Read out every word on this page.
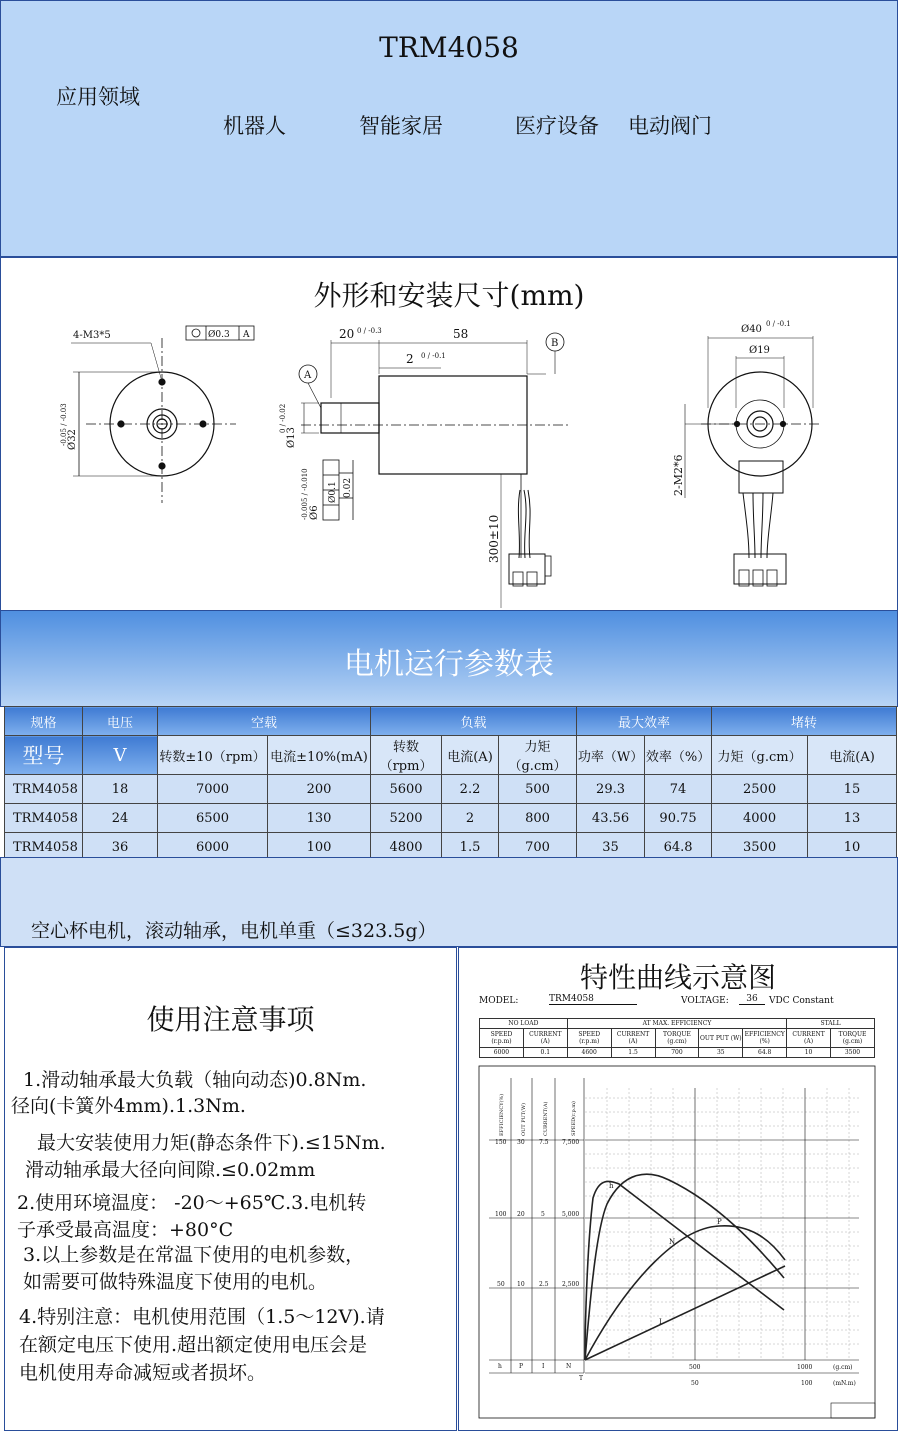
TRM4058
应用领域
机器人	智能家居	医疗设备 电动阀门
外形和安装尺寸(mm)
4-M3*5	Ø0.3 A
Ø32
-0.05 / -0.03
20 0 / -0.3	58
2 0 / -0.1
A
B
Ø13
0 / -0.02
Ø6
-0.005 / -0.010 Ø0.1 0.02
300±10
Ø40 0 / -0.1
Ø19
2-M2*6
电机运行参数表
规格	电压	空载		负载			最大效率		堵转	
型号	V	转数±10（rpm）	电流±10%(mA)	转数（rpm）	电流(A)	力矩（g.cm）	功率（W）	效率（%）	力矩（g.cm）	电流(A)
TRM4058	18	7000	200	5600	2.2	500	29.3	74	2500	15
TRM4058	24	6500	130	5200	2	800	43.56	90.75	4000	13
TRM4058	36	6000	100	4800	1.5	700	35	64.8	3500	10
空心杯电机，滚动轴承，电机单重（≤323.5g）
使用注意事项
1.滑动轴承最大负载（轴向动态)0.8Nm.
径向(卡簧外4mm).1.3Nm.
最大安装使用力矩(静态条件下).≤15Nm.
滑动轴承最大径向间隙.≤0.02mm
2.使用环境温度： -20～+65℃.3.电机转
子承受最高温度：+80°C
3.以上参数是在常温下使用的电机参数，
如需要可做特殊温度下使用的电机。
4.特别注意：电机使用范围（1.5～12V).请
在额定电压下使用.超出额定使用电压会是
电机使用寿命减短或者损坏。
特性曲线示意图
MODEL:	TRM4058	VOLTAGE:	36	VDC Constant
NO LOAD		AT MAX. EFFICIENCY					STALL	
SPEED (r.p.m)	CURRENT (A)	SPEED (r.p.m)	CURRENT (A)	TORQUE (g.cm)	OUT PUT (W)	EFFICIENCY (%)	CURRENT (A)	TORQUE (g.cm)
6000	0.1	4600	1.5	700	35	64.8	10	3500
EFFICIENCY(%)	OUT PUT(W)	CURRENT(A)	SPEED(r.p.m)
150 30 7.5 7,500
100 20	5	5,000
50 10 2.5 2,500
h	P	I	N	500	1000	(g.cm)
50	100	(mN.m)
T
h
P
I
N
